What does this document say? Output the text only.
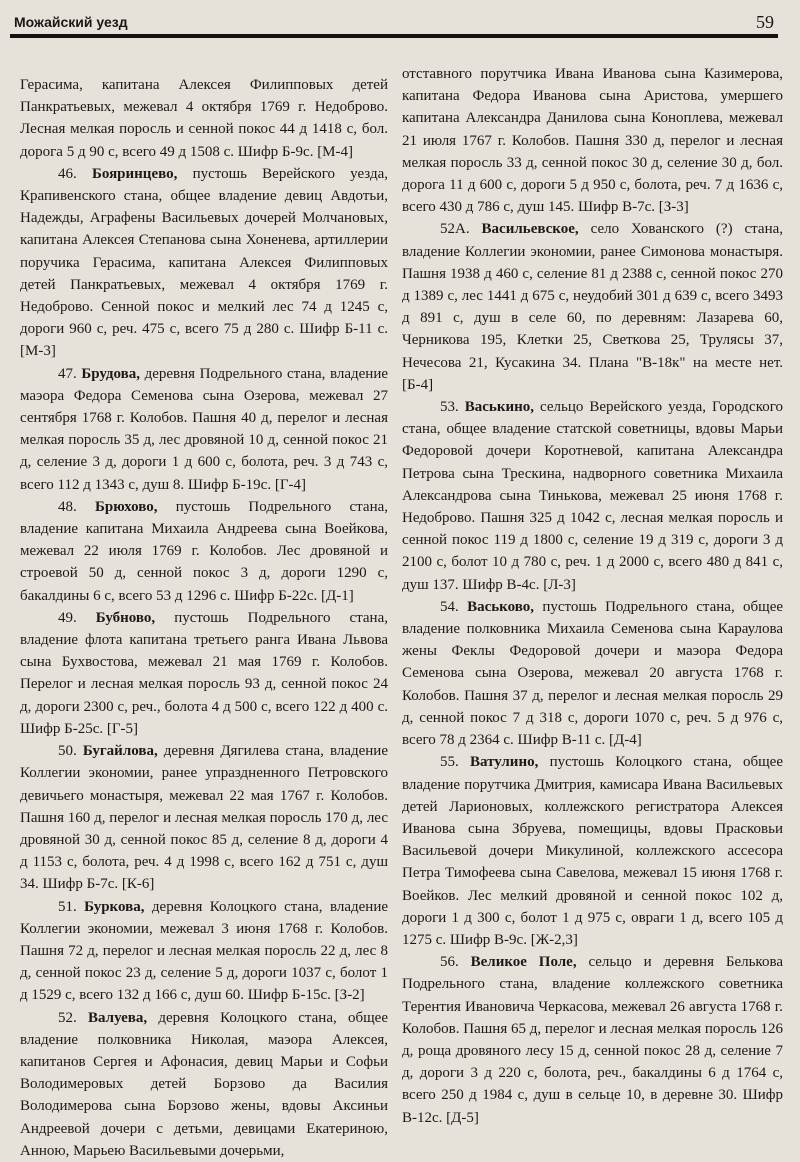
Можайский уезд	59

Герасима, капитана Алексея Филипповых детей Панкратьевых, межевал 4 октября 1769 г. Недоброво. Лесная мелкая поросль и сенной покос 44 д 1418 с, бол. дорога 5 д 90 с, всего 49 д 1508 с. Шифр Б-9с. [М-4]

46. Бояринцево, пустошь Верейского уезда, Крапивенского стана, общее владение девиц Авдотьи, Надежды, Аграфены Васильевых дочерей Молчановых, капитана Алексея Степанова сына Хоненева, артиллерии поручика Герасима, капитана Алексея Филипповых детей Панкратьевых, межевал 4 октября 1769 г. Недоброво. Сенной покос и мелкий лес 74 д 1245 с, дороги 960 с, реч. 475 с, всего 75 д 280 с. Шифр Б-11 с. [М-3]

47. Брудова, деревня Подрельного стана, владение маэора Федора Семенова сына Озерова, межевал 27 сентября 1768 г. Колобов. Пашня 40 д, перелог и лесная мелкая поросль 35 д, лес дровяной 10 д, сенной покос 21 д, селение 3 д, дороги 1 д 600 с, болота, реч. 3 д 743 с, всего 112 д 1343 с, душ 8. Шифр Б-19с. [Г-4]

48. Брюхово, пустошь Подрельного стана, владение капитана Михаила Андреева сына Воейкова, межевал 22 июля 1769 г. Колобов. Лес дровяной и строевой 50 д, сенной покос 3 д, дороги 1290 с, бакалдины 6 с, всего 53 д 1296 с. Шифр Б-22с. [Д-1]

49. Бубново, пустошь Подрельного стана, владение флота капитана третьего ранга Ивана Львова сына Бухвостова, межевал 21 мая 1769 г. Колобов. Перелог и лесная мелкая поросль 93 д, сенной покос 24 д, дороги 2300 с, реч., болота 4 д 500 с, всего 122 д 400 с. Шифр Б-25с. [Г-5]

50. Бугайлова, деревня Дягилева стана, владение Коллегии экономии, ранее упраздненного Петровского девичьего монастыря, межевал 22 мая 1767 г. Колобов. Пашня 160 д, перелог и лесная мелкая поросль 170 д, лес дровяной 30 д, сенной покос 85 д, селение 8 д, дороги 4 д 1153 с, болота, реч. 4 д 1998 с, всего 162 д 751 с, душ 34. Шифр Б-7с. [К-6]

51. Буркова, деревня Колоцкого стана, владение Коллегии экономии, межевал 3 июня 1768 г. Колобов. Пашня 72 д, перелог и лесная мелкая поросль 22 д, лес 8 д, сенной покос 23 д, селение 5 д, дороги 1037 с, болот 1 д 1529 с, всего 132 д 166 с, душ 60. Шифр Б-15с. [З-2]

52. Валуева, деревня Колоцкого стана, общее владение полковника Николая, маэора Алексея, капитанов Сергея и Афонасия, девиц Марьи и Софьи Володимеровых детей Борзово да Василия Володимерова сына Борзово жены, вдовы Аксиньи Андреевой дочери с детьми, девицами Екатериною, Анною, Марьею Васильевыми дочерьми,

отставного порутчика Ивана Иванова сына Казимерова, капитана Федора Иванова сына Аристова, умершего капитана Александра Данилова сына Коноплева, межевал 21 июля 1767 г. Колобов. Пашня 330 д, перелог и лесная мелкая поросль 33 д, сенной покос 30 д, селение 30 д, бол. дорога 11 д 600 с, дороги 5 д 950 с, болота, реч. 7 д 1636 с, всего 430 д 786 с, душ 145. Шифр В-7с. [З-3]

52А. Васильевское, село Хованского (?) стана, владение Коллегии экономии, ранее Симонова монастыря. Пашня 1938 д 460 с, селение 81 д 2388 с, сенной покос 270 д 1389 с, лес 1441 д 675 с, неудобий 301 д 639 с, всего 3493 д 891 с, душ в селе 60, по деревням: Лазарева 60, Черникова 195, Клетки 25, Светкова 25, Трулясы 37, Нечесова 21, Кусакина 34. Плана "В-18к" на месте нет. [Б-4]

53. Васькино, сельцо Верейского уезда, Городского стана, общее владение статской советницы, вдовы Марьи Федоровой дочери Коротневой, капитана Александра Петрова сына Трескина, надворного советника Михаила Александрова сына Тинькова, межевал 25 июня 1768 г. Недоброво. Пашня 325 д 1042 с, лесная мелкая поросль и сенной покос 119 д 1800 с, селение 19 д 319 с, дороги 3 д 2100 с, болот 10 д 780 с, реч. 1 д 2000 с, всего 480 д 841 с, душ 137. Шифр В-4с. [Л-3]

54. Васьково, пустошь Подрельного стана, общее владение полковника Михаила Семенова сына Караулова жены Феклы Федоровой дочери и маэора Федора Семенова сына Озерова, межевал 20 августа 1768 г. Колобов. Пашня 37 д, перелог и лесная мелкая поросль 29 д, сенной покос 7 д 318 с, дороги 1070 с, реч. 5 д 976 с, всего 78 д 2364 с. Шифр В-11 с. [Д-4]

55. Ватулино, пустошь Колоцкого стана, общее владение порутчика Дмитрия, камисара Ивана Васильевых детей Ларионовых, коллежского регистратора Алексея Иванова сына Збруева, помещицы, вдовы Прасковьи Васильевой дочери Микулиной, коллежского ассесора Петра Тимофеева сына Савелова, межевал 15 июня 1768 г. Воейков. Лес мелкий дровяной и сенной покос 102 д, дороги 1 д 300 с, болот 1 д 975 с, овраги 1 д, всего 105 д 1275 с. Шифр В-9с. [Ж-2,3]

56. Великое Поле, сельцо и деревня Белькова Подрельного стана, владение коллежского советника Терентия Ивановича Черкасова, межевал 26 августа 1768 г. Колобов. Пашня 65 д, перелог и лесная мелкая поросль 126 д, роща дровяного лесу 15 д, сенной покос 28 д, селение 7 д, дороги 3 д 220 с, болота, реч., бакалдины 6 д 1764 с, всего 250 д 1984 с, душ в сельце 10, в деревне 30. Шифр В-12с. [Д-5]
